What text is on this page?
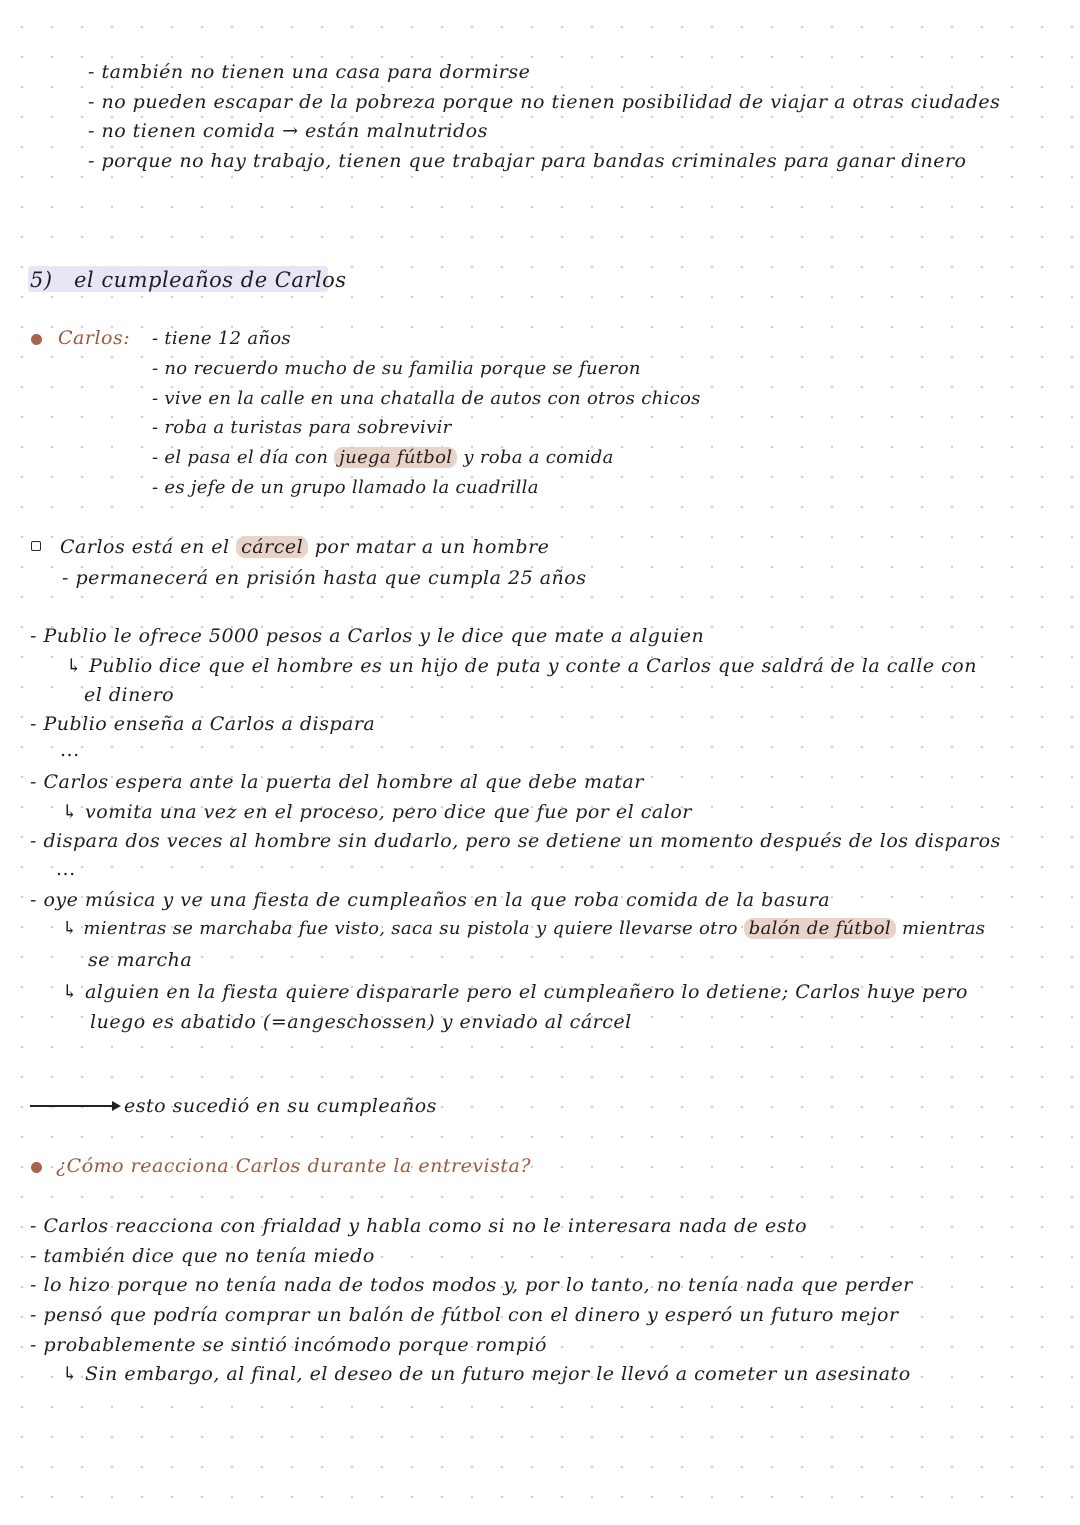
- también no tienen una casa para dormirse
- no pueden escapar de la pobreza porque no tienen posibilidad de viajar a otras ciudades
- no tienen comida → están malnutridos
- porque no hay trabajo, tienen que trabajar para bandas criminales para ganar dinero
5) el cumpleaños de Carlos
Carlos: - tiene 12 años
- no recuerdo mucho de su familia porque se fueron
- vive en la calle en una chatalla de autos con otros chicos
- roba a turistas para sobrevivir
- el pasa el día con juega fútbol y roba a comida
- es jefe de un grupo llamado la cuadrilla
Carlos está en el cárcel por matar a un hombre
- permanecerá en prisión hasta que cumpla 25 años
- Publio le ofrece 5000 pesos a Carlos y le dice que mate a alguien
↳ Publio dice que el hombre es un hijo de puta y conte a Carlos que saldrá de la calle con
el dinero
- Publio enseña a Carlos a dispara
...
- Carlos espera ante la puerta del hombre al que debe matar
↳ vomita una vez en el proceso, pero dice que fue por el calor
- dispara dos veces al hombre sin dudarlo, pero se detiene un momento después de los disparos
...
- oye música y ve una fiesta de cumpleaños en la que roba comida de la basura
↳ mientras se marchaba fue visto, saca su pistola y quiere llevarse otro balón de fútbol mientras
se marcha
↳ alguien en la fiesta quiere dispararle pero el cumpleañero lo detiene; Carlos huye pero
luego es abatido (=angeschossen) y enviado al cárcel
esto sucedió en su cumpleaños
¿Cómo reacciona Carlos durante la entrevista?
- Carlos reacciona con frialdad y habla como si no le interesara nada de esto
- también dice que no tenía miedo
- lo hizo porque no tenía nada de todos modos y, por lo tanto, no tenía nada que perder
- pensó que podría comprar un balón de fútbol con el dinero y esperó un futuro mejor
- probablemente se sintió incómodo porque rompió
↳ Sin embargo, al final, el deseo de un futuro mejor le llevó a cometer un asesinato
